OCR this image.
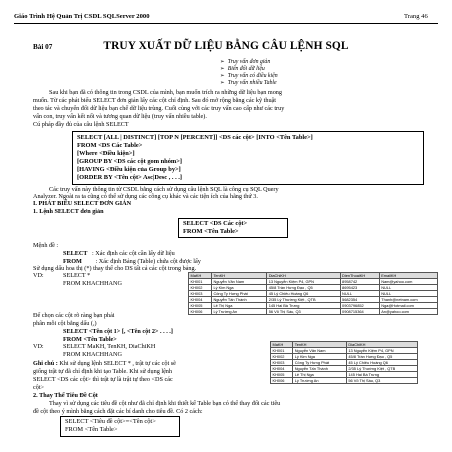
Giáo Trình Hệ Quản Trị CSDL SQLServer 2000	Trang 46
Bài 07	TRUY XUẤT DỮ LIỆU BẰNG CÂU LỆNH SQL
➢ Truy vấn đơn giản
➢ Biến đổi dữ liệu
➢ Truy vấn có điều kiện
➢ Truy vấn nhiều Table
Sau khi bạn đã có thông tin trong CSDL của mình, bạn muốn trích ra những dữ liệu bạn mong
muốn. Từ các phát biểu SELECT đơn giản lấy các cột chỉ định. Sau đó mở rộng bằng các kỹ thuật
theo tác và chuyển đổi dữ liệu bạn chế dữ liệu trùng. Cuối cùng với các truy vấn cao cấp như các truy
vấn con, truy vấn kết nối và tương quan dữ liệu (truy vấn nhiều table).
Cú pháp đầy đủ của câu lệnh SELECT
SELECT [ALL | DISTINCT] [TOP N [PERCENT]] <DS các cột> [INTO <Tên Table>]
FROM <DS Các Table>
[Where <Điều kiện>]
[GROUP BY <DS các cột gom nhóm>]
[HAVING <Điều kiện của Group by>]
[ORDER BY <Tên cột> Asc|Desc , . . .]
Các truy vấn này thông tin từ CSDL bằng cách sử dụng câu lệnh SQL là công cụ SQL Query
Analyzer. Ngoài ra ta cũng có thể sử dụng các công cụ khác và các tiện ích của hãng thứ 3.
I. PHÁT BIỂU SELECT ĐƠN GIẢN
1. Lệnh SELECT đơn giản
SELECT <DS Các cột>
FROM <Tên Table>
Mệnh đề :
SELECT : Xác định các cột cần lấy dữ liệu
FROM : Xác định Bảng (Table) chứa cột được lấy
Sử dụng dấu hoa thị (*) thay thế cho DS tất cả các cột trong bảng.
VD:	SELECT *
FROM KHACHHANG
MaKH	TenKH	DiaChiKH	DienThoaiKH	EmailKH
KH001	Nguyễn Văn Nam	13 Nguyễn Kiệm P4, GPN	8958742	Nam@yahoo.com
KH002	Lý Kim Nga	45/8 Trần Hưng Đạo , Q5	8695423	NULL
KH003	Công Ty Hưng Phát	45 Lý Chiêu Hoàng Q6	NULL	NULL
KH004	Nguyễn Tấn Thành	2/35 Lý Thường Kiệt , QTB	5682354	Thanh@netnam.com
KH005	Lê Thị Nga	145 Hai Bà Trưng	0903796852	Nga@Hotmail.com
KH006	Lý Trường An	56 Võ Thị Sáu, Q3	0908715364	An@yahoo.com
Để chọn các cột rõ ràng bạn phải
phân mỗi cột bằng dấu (,)
SELECT <Tên cột 1> [, <Tên cột 2> . . . .]
FROM <Tên Table>
VD:	SELECT MaKH, TenKH, DiaChiKH
FROM KHACHHANG
MaKH	TenKH	DiaChiKH
KH001	Nguyễn Văn Nam	13 Nguyễn Kiệm P4, GPN
KH002	Lý Kim Nga	45/8 Trần Hưng Đạo , Q5
KH003	Công Ty Hưng Phát	45 Lý Chiêu Hoàng Q6
KH004	Nguyễn Tấn Thành	2/35 Lý Thường Kiệt , QTB
KH005	Lê Thị Nga	145 Hai Bà Trưng
KH006	Lý Trường An	56 Võ Thị Sáu, Q3
Ghi chú : Khi sử dụng lệnh SELECT * , trật tự các cột sẽ
giống trật tự đã chỉ định khi tạo Table. Khi sử dụng lệnh
SELECT <DS các cột> thì trật tự là trật tự theo <DS các
cột>
2. Thay Thế Tiêu Đề Cột
Thay vì sử dụng các tiêu đề cột như đã chỉ định khi thiết kế Table bạn có thể thay đổi các tiêu
đề cột theo ý mình bằng cách đặt các bí danh cho tiêu đề. Có 2 cách:
SELECT <Tiêu đề cột>=<Tên cột>
FROM <Tên Table>
